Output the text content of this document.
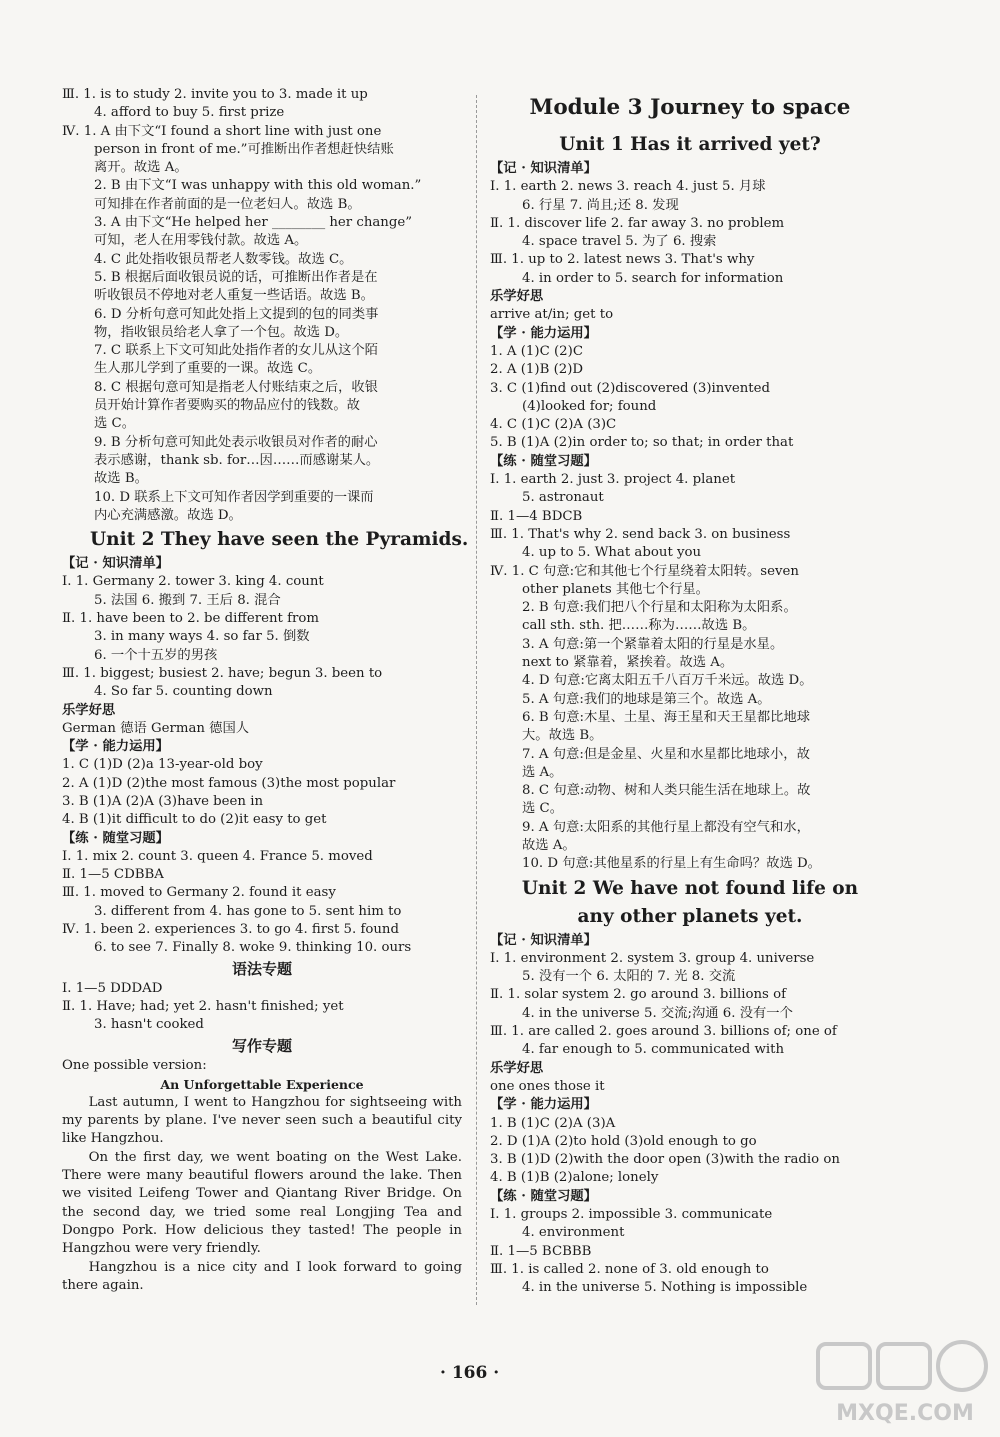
Ⅲ. 1. is to study 2. invite you to 3. made it up
4. afford to buy 5. first prize
Ⅳ. 1. A 由下文“I found a short line with just one
person in front of me.”可推断出作者想赶快结账
离开。故选 A。
2. B 由下文“I was unhappy with this old woman.”
可知排在作者前面的是一位老妇人。故选 B。
3. A 由下文“He helped her ________ her change”
可知，老人在用零钱付款。故选 A。
4. C 此处指收银员帮老人数零钱。故选 C。
5. B 根据后面收银员说的话，可推断出作者是在
听收银员不停地对老人重复一些话语。故选 B。
6. D 分析句意可知此处指上文提到的包的同类事
物，指收银员给老人拿了一个包。故选 D。
7. C 联系上下文可知此处指作者的女儿从这个陌
生人那儿学到了重要的一课。故选 C。
8. C 根据句意可知是指老人付账结束之后，收银
员开始计算作者要购买的物品应付的钱数。故
选 C。
9. B 分析句意可知此处表示收银员对作者的耐心
表示感谢，thank sb. for…因……而感谢某人。
故选 B。
10. D 联系上下文可知作者因学到重要的一课而
内心充满感激。故选 D。
Unit 2 They have seen the Pyramids.
【记 · 知识清单】
Ⅰ. 1. Germany 2. tower 3. king 4. count
5. 法国 6. 搬到 7. 王后 8. 混合
Ⅱ. 1. have been to 2. be different from
3. in many ways 4. so far 5. 倒数
6. 一个十五岁的男孩
Ⅲ. 1. biggest; busiest 2. have; begun 3. been to
4. So far 5. counting down
乐学好思
German 德语 German 德国人
【学 · 能力运用】
1. C (1)D (2)a 13-year-old boy
2. A (1)D (2)the most famous (3)the most popular
3. B (1)A (2)A (3)have been in
4. B (1)it difficult to do (2)it easy to get
【练 · 随堂习题】
Ⅰ. 1. mix 2. count 3. queen 4. France 5. moved
Ⅱ. 1—5 CDBBA
Ⅲ. 1. moved to Germany 2. found it easy
3. different from 4. has gone to 5. sent him to
Ⅳ. 1. been 2. experiences 3. to go 4. first 5. found
6. to see 7. Finally 8. woke 9. thinking 10. ours
语法专题
Ⅰ. 1—5 DDDAD
Ⅱ. 1. Have; had; yet 2. hasn't finished; yet
3. hasn't cooked
写作专题
One possible version:
An Unforgettable Experience
Last autumn, I went to Hangzhou for sightseeing with my parents by plane. I've never seen such a beautiful city like Hangzhou.
On the first day, we went boating on the West Lake. There were many beautiful flowers around the lake. Then we visited Leifeng Tower and Qiantang River Bridge. On the second day, we tried some real Longjing Tea and Dongpo Pork. How delicious they tasted! The people in Hangzhou were very friendly.
Hangzhou is a nice city and I look forward to going there again.
Module 3 Journey to space
Unit 1 Has it arrived yet?
【记 · 知识清单】
Ⅰ. 1. earth 2. news 3. reach 4. just 5. 月球
6. 行星 7. 尚且;还 8. 发现
Ⅱ. 1. discover life 2. far away 3. no problem
4. space travel 5. 为了 6. 搜索
Ⅲ. 1. up to 2. latest news 3. That's why
4. in order to 5. search for information
乐学好思
arrive at/in; get to
【学 · 能力运用】
1. A (1)C (2)C
2. A (1)B (2)D
3. C (1)find out (2)discovered (3)invented
(4)looked for; found
4. C (1)C (2)A (3)C
5. B (1)A (2)in order to; so that; in order that
【练 · 随堂习题】
Ⅰ. 1. earth 2. just 3. project 4. planet
5. astronaut
Ⅱ. 1—4 BDCB
Ⅲ. 1. That's why 2. send back 3. on business
4. up to 5. What about you
Ⅳ. 1. C 句意:它和其他七个行星绕着太阳转。seven
other planets 其他七个行星。
2. B 句意:我们把八个行星和太阳称为太阳系。
call sth. sth. 把……称为……故选 B。
3. A 句意:第一个紧靠着太阳的行星是水星。
next to 紧靠着，紧挨着。故选 A。
4. D 句意:它离太阳五千八百万千米远。故选 D。
5. A 句意:我们的地球是第三个。故选 A。
6. B 句意:木星、土星、海王星和天王星都比地球
大。故选 B。
7. A 句意:但是金星、火星和水星都比地球小，故
选 A。
8. C 句意:动物、树和人类只能生活在地球上。故
选 C。
9. A 句意:太阳系的其他行星上都没有空气和水，
故选 A。
10. D 句意:其他星系的行星上有生命吗？故选 D。
Unit 2 We have not found life on
any other planets yet.
【记 · 知识清单】
Ⅰ. 1. environment 2. system 3. group 4. universe
5. 没有一个 6. 太阳的 7. 光 8. 交流
Ⅱ. 1. solar system 2. go around 3. billions of
4. in the universe 5. 交流;沟通 6. 没有一个
Ⅲ. 1. are called 2. goes around 3. billions of; one of
4. far enough to 5. communicated with
乐学好思
one ones those it
【学 · 能力运用】
1. B (1)C (2)A (3)A
2. D (1)A (2)to hold (3)old enough to go
3. B (1)D (2)with the door open (3)with the radio on
4. B (1)B (2)alone; lonely
【练 · 随堂习题】
Ⅰ. 1. groups 2. impossible 3. communicate
4. environment
Ⅱ. 1—5 BCBBB
Ⅲ. 1. is called 2. none of 3. old enough to
4. in the universe 5. Nothing is impossible
· 166 ·
MXQE.COM
